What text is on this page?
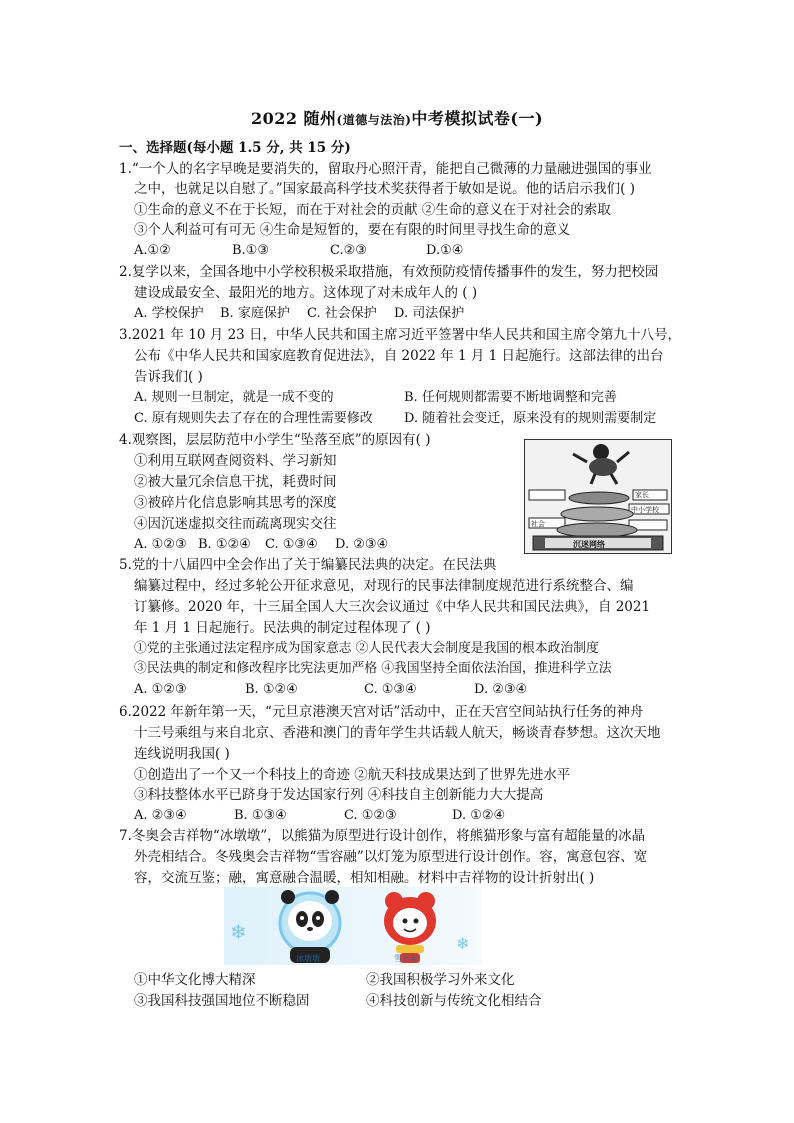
2022 随州(道德与法治)中考模拟试卷(一)
一、选择题(每小题 1.5 分, 共 15 分)
1.“一个人的名字早晚是要消失的，留取丹心照汗青，能把自己微薄的力量融进强国的事业
之中，也就足以自慰了。”国家最高科学技术奖获得者于敏如是说。他的话启示我们( )
①生命的意义不在于长短，而在于对社会的贡献 ②生命的意义在于对社会的索取
③个人利益可有可无 ④生命是短暂的，要在有限的时间里寻找生命的意义
A.①②	B.①③	C.②③	D.①④
2.复学以来，全国各地中小学校积极采取措施，有效预防疫情传播事件的发生，努力把校园
建设成最安全、最阳光的地方。这体现了对未成年人的 ( )
A. 学校保护 B. 家庭保护 C. 社会保护 D. 司法保护
3.2021 年 10 月 23 日，中华人民共和国主席习近平签署中华人民共和国主席令第九十八号，
公布《中华人民共和国家庭教育促进法》，自 2022 年 1 月 1 日起施行。这部法律的出台
告诉我们( )
A. 规则一旦制定，就是一成不变的	B. 任何规则都需要不断地调整和完善
C. 原有规则失去了存在的合理性需要修改 D. 随着社会变迁，原来没有的规则需要制定
4.观察图，层层防范中小学生“坠落至底”的原因有( )
①利用互联网查阅资料、学习新知
②被大量冗余信息干扰，耗费时间
③被碎片化信息影响其思考的深度
④因沉迷虚拟交往而疏离现实交往
A. ①②③ B. ①②④ C. ①③④ D. ②③④
中小学校
家长
社会
沉迷网络
5.党的十八届四中全会作出了关于编纂民法典的决定。在民法典
编纂过程中，经过多轮公开征求意见，对现行的民事法律制度规范进行系统整合、编
订纂修。2020 年，十三届全国人大三次会议通过《中华人民共和国民法典》，自 2021
年 1 月 1 日起施行。民法典的制定过程体现了 ( )
①党的主张通过法定程序成为国家意志 ②人民代表大会制度是我国的根本政治制度
③民法典的制定和修改程序比宪法更加严格 ④我国坚持全面依法治国，推进科学立法
A. ①②③	B. ①②④	C. ①③④	D. ②③④
6.2022 年新年第一天，“元旦京港澳天宫对话”活动中，正在天宫空间站执行任务的神舟
十三号乘组与来自北京、香港和澳门的青年学生共话载人航天，畅谈青春梦想。这次天地
连线说明我国( )
①创造出了一个又一个科技上的奇迹 ②航天科技成果达到了世界先进水平
③科技整体水平已跻身于发达国家行列 ④科技自主创新能力大大提高
A. ②③④	B. ①③④	C. ①②③	D. ①②④
7.冬奥会吉祥物“冰墩墩”，以熊猫为原型进行设计创作，将熊猫形象与富有超能量的冰晶
外壳相结合。冬残奥会吉祥物“雪容融”以灯笼为原型进行设计创作。容，寓意包容、宽
容，交流互鉴；融，寓意融合温暖，相知相融。材料中吉祥物的设计折射出( )
❄	❄
冰墩墩	雪容融
①中华文化博大精深	②我国积极学习外来文化
③我国科技强国地位不断稳固	④科技创新与传统文化相结合
